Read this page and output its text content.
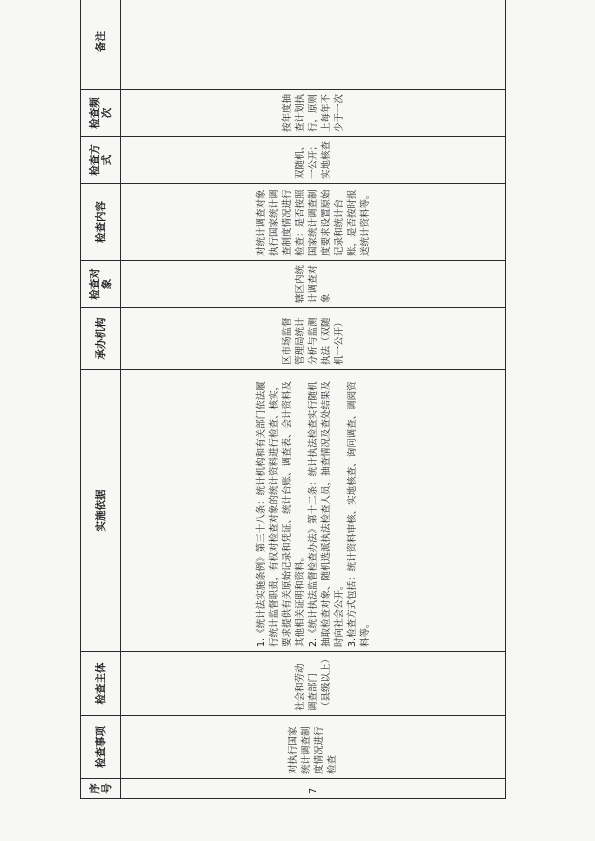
序号	检查事项	检查主体	实施依据	承办机构	检查对象	检查内容	检查方式	检查频次	备注
7	对执行国家统计调查制度情况进行检查	社会和劳动调查部门（县级以上）	1.《统计法实施条例》第三十八条：统计机构和有关部门依法履行统计监督职责，有权对检查对象的统计资料进行检查、核实，要求提供有关原始记录和凭证、统计台账、调查表、会计资料及其他相关证明和资料。 2.《统计执法监督检查办法》第十二条：统计执法检查实行随机抽取检查对象、随机选派执法检查人员，抽查情况及查处结果及时向社会公开。 3.检查方式包括：统计资料审核、实地核查、询问调查、调阅资料等。	区市场监督管理局统计分析与监测执法（双随机一公开）	辖区内统计调查对象	对统计调查对象执行国家统计调查制度情况进行检查：是否按照国家统计调查制度要求设置原始记录和统计台账，是否按时报送统计资料等。	双随机、一公开；实地核查	按年度抽查计划执行，原则上每年不少于一次	
